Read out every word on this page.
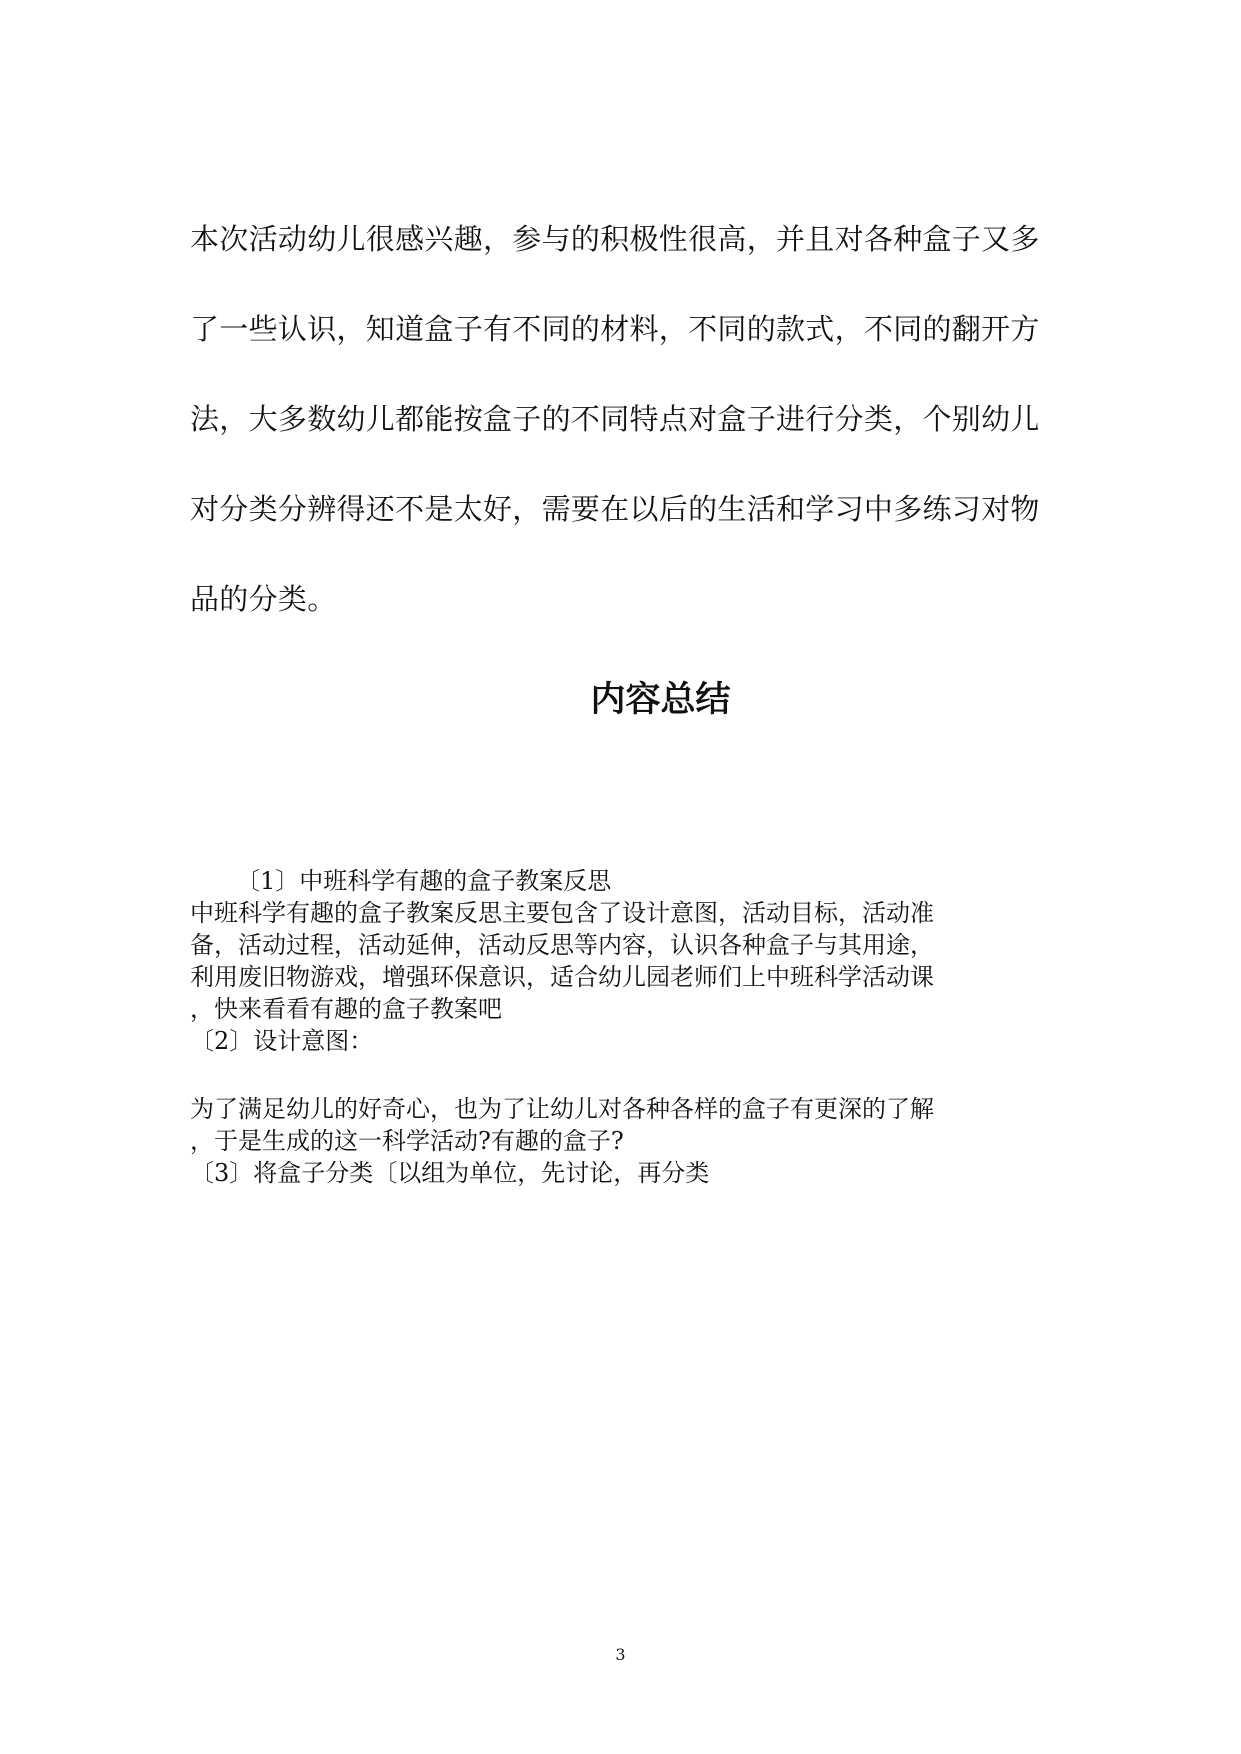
本次活动幼儿很感兴趣，参与的积极性很高，并且对各种盒子又多
了一些认识，知道盒子有不同的材料，不同的款式，不同的翻开方
法，大多数幼儿都能按盒子的不同特点对盒子进行分类，个别幼儿
对分类分辨得还不是太好，需要在以后的生活和学习中多练习对物
品的分类。
内容总结
〔1〕中班科学有趣的盒子教案反思
中班科学有趣的盒子教案反思主要包含了设计意图，活动目标，活动准
备，活动过程，活动延伸，活动反思等内容，认识各种盒子与其用途，
利用废旧物游戏，增强环保意识，适合幼儿园老师们上中班科学活动课
，快来看看有趣的盒子教案吧
〔2〕设计意图：
为了满足幼儿的好奇心，也为了让幼儿对各种各样的盒子有更深的了解
，于是生成的这一科学活动?有趣的盒子?
〔3〕将盒子分类〔以组为单位，先讨论，再分类

3
